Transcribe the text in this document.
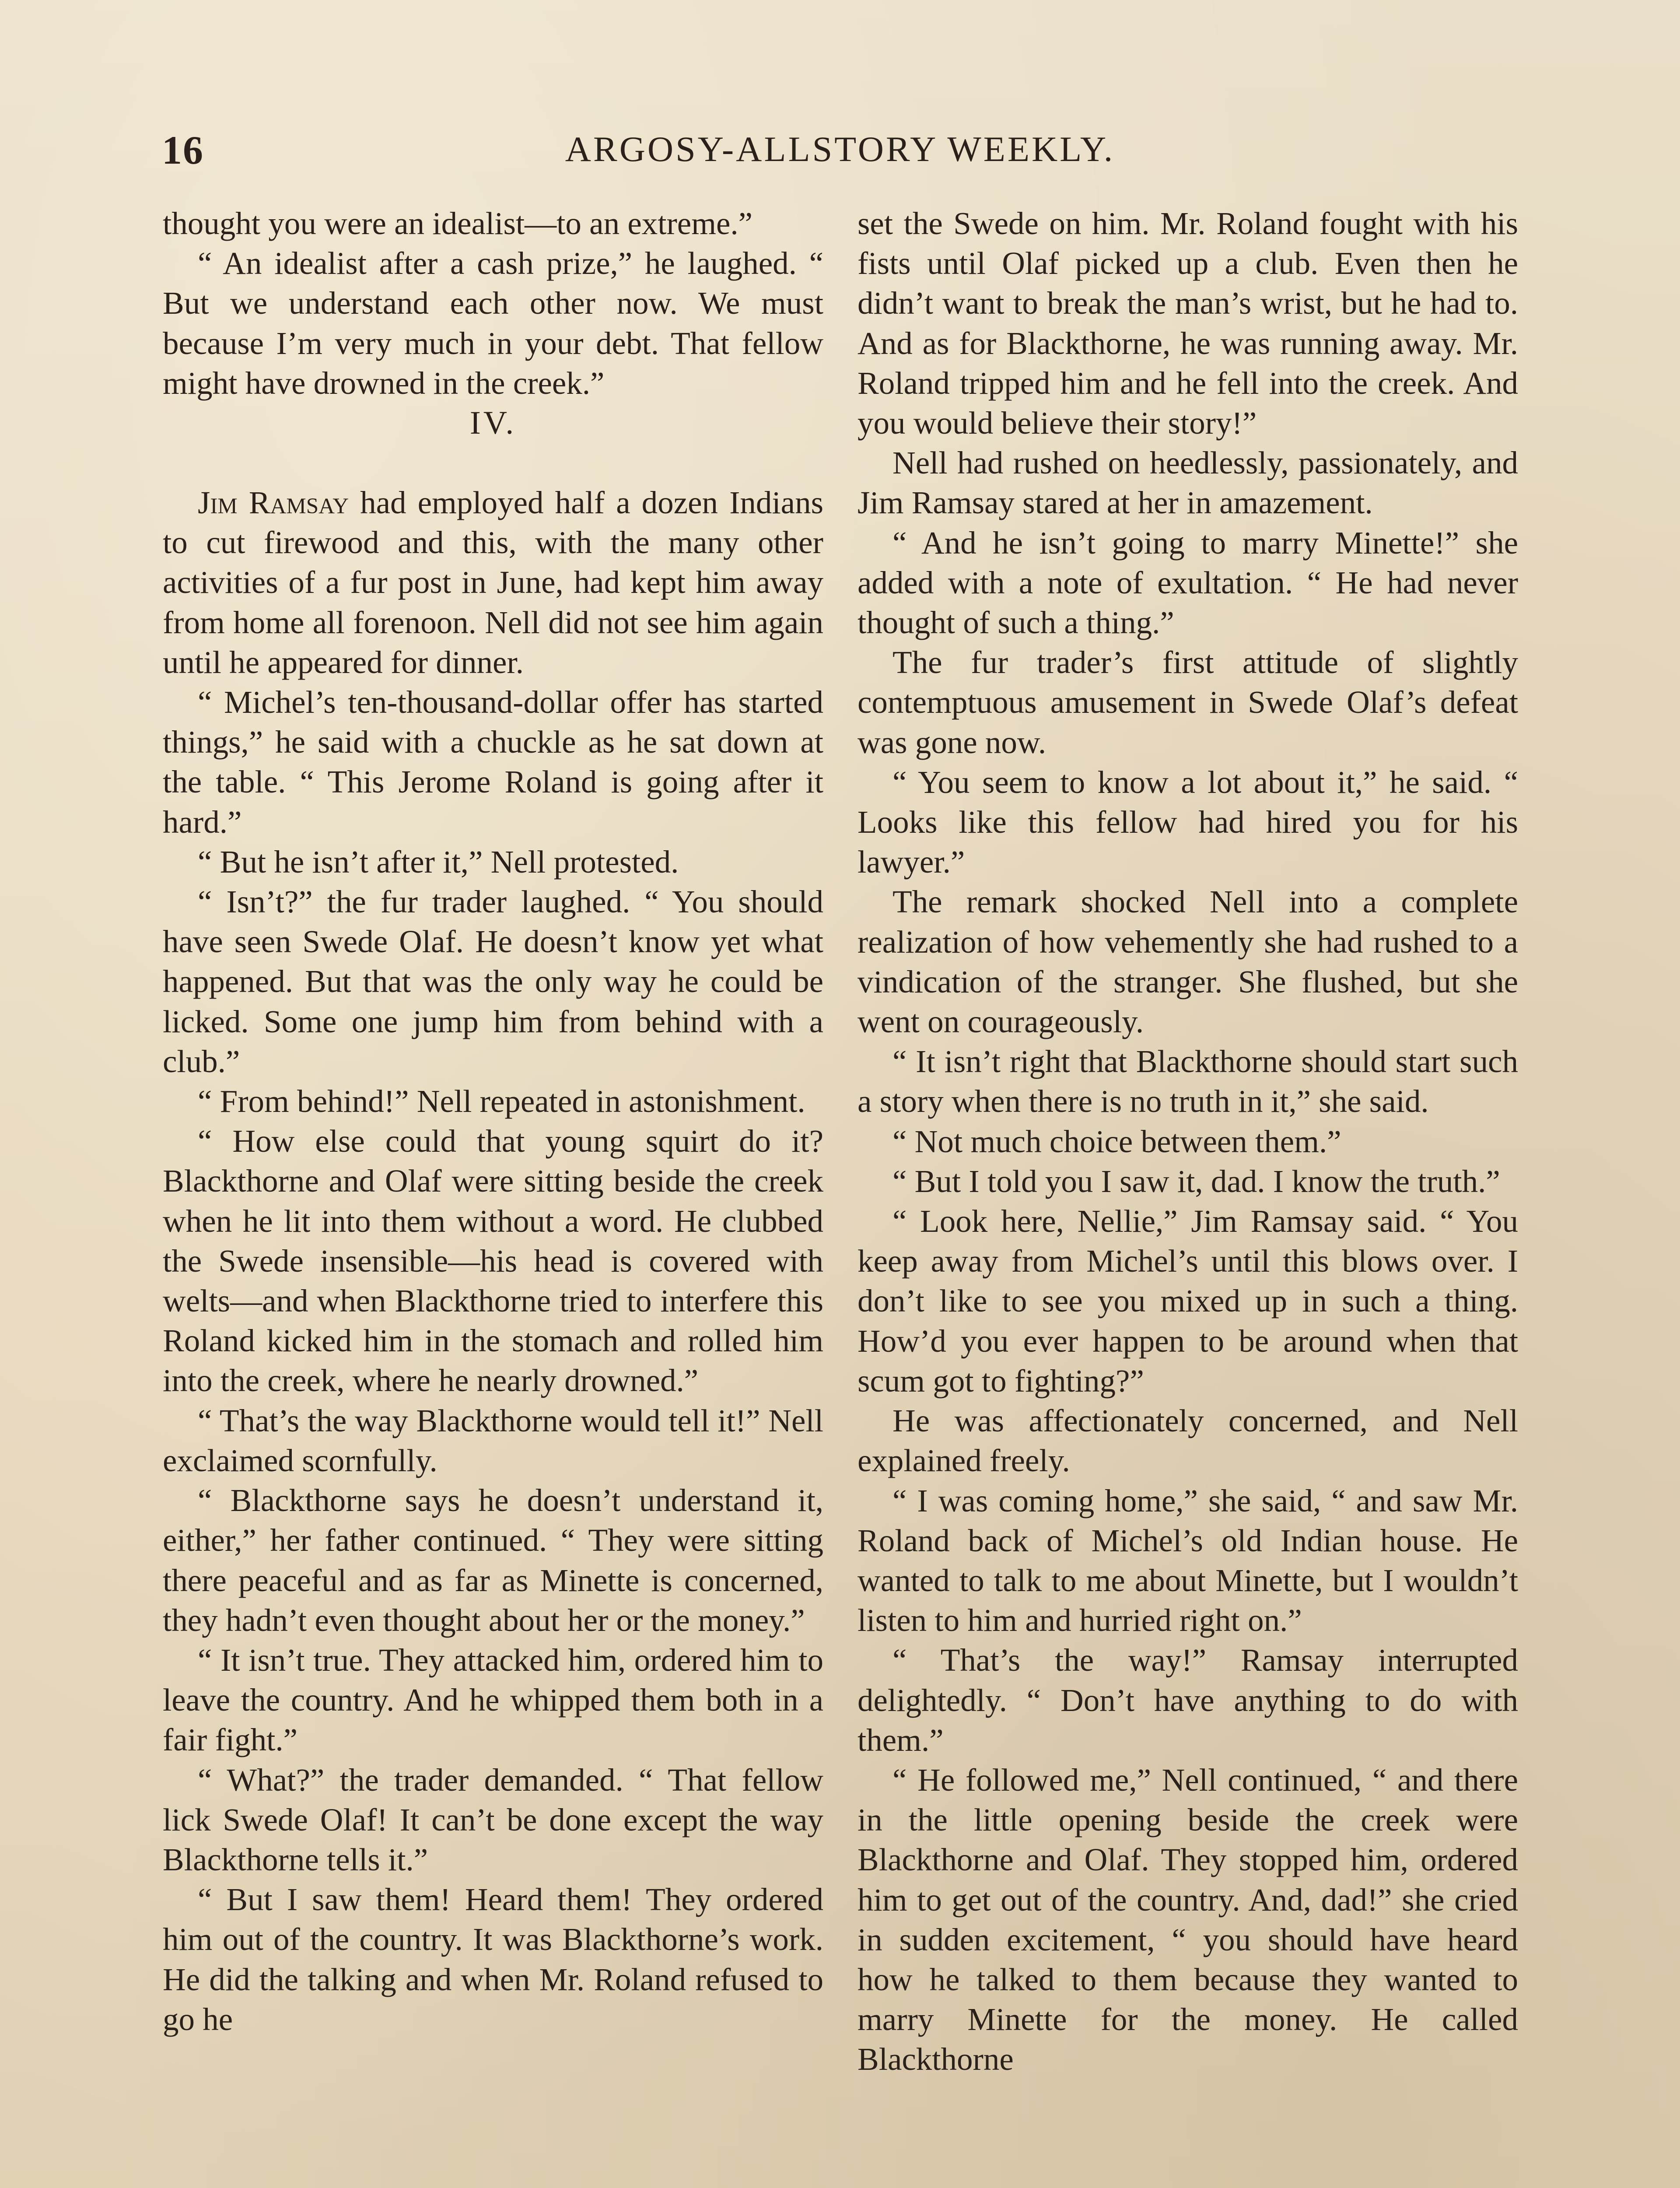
16	ARGOSY-ALLSTORY WEEKLY.

thought you were an idealist—to an extreme.”

“ An idealist after a cash prize,” he laughed. “ But we understand each other now. We must because I’m very much in your debt. That fellow might have drowned in the creek.”

IV.

Jim Ramsay had employed half a dozen Indians to cut firewood and this, with the many other activities of a fur post in June, had kept him away from home all forenoon. Nell did not see him again until he appeared for dinner.

“ Michel’s ten-thousand-dollar offer has started things,” he said with a chuckle as he sat down at the table. “ This Jerome Roland is going after it hard.”

“ But he isn’t after it,” Nell protested.

“ Isn’t?” the fur trader laughed. “ You should have seen Swede Olaf. He doesn’t know yet what happened. But that was the only way he could be licked. Some one jump him from behind with a club.”

“ From behind!” Nell repeated in astonishment.

“ How else could that young squirt do it? Blackthorne and Olaf were sitting beside the creek when he lit into them without a word. He clubbed the Swede insensible—his head is covered with welts—and when Blackthorne tried to interfere this Roland kicked him in the stomach and rolled him into the creek, where he nearly drowned.”

“ That’s the way Blackthorne would tell it!” Nell exclaimed scornfully.

“ Blackthorne says he doesn’t understand it, either,” her father continued. “ They were sitting there peaceful and as far as Minette is concerned, they hadn’t even thought about her or the money.”

“ It isn’t true. They attacked him, ordered him to leave the country. And he whipped them both in a fair fight.”

“ What?” the trader demanded. “ That fellow lick Swede Olaf! It can’t be done except the way Blackthorne tells it.”

“ But I saw them! Heard them! They ordered him out of the country. It was Blackthorne’s work. He did the talking and when Mr. Roland refused to go he

set the Swede on him. Mr. Roland fought with his fists until Olaf picked up a club. Even then he didn’t want to break the man’s wrist, but he had to. And as for Blackthorne, he was running away. Mr. Roland tripped him and he fell into the creek. And you would believe their story!”

Nell had rushed on heedlessly, passionately, and Jim Ramsay stared at her in amazement.

“ And he isn’t going to marry Minette!” she added with a note of exultation. “ He had never thought of such a thing.”

The fur trader’s first attitude of slightly contemptuous amusement in Swede Olaf’s defeat was gone now.

“ You seem to know a lot about it,” he said. “ Looks like this fellow had hired you for his lawyer.”

The remark shocked Nell into a complete realization of how vehemently she had rushed to a vindication of the stranger. She flushed, but she went on courageously.

“ It isn’t right that Blackthorne should start such a story when there is no truth in it,” she said.

“ Not much choice between them.”

“ But I told you I saw it, dad. I know the truth.”

“ Look here, Nellie,” Jim Ramsay said. “ You keep away from Michel’s until this blows over. I don’t like to see you mixed up in such a thing. How’d you ever happen to be around when that scum got to fighting?”

He was affectionately concerned, and Nell explained freely.

“ I was coming home,” she said, “ and saw Mr. Roland back of Michel’s old Indian house. He wanted to talk to me about Minette, but I wouldn’t listen to him and hurried right on.”

“ That’s the way!” Ramsay interrupted delightedly. “ Don’t have anything to do with them.”

“ He followed me,” Nell continued, “ and there in the little opening beside the creek were Blackthorne and Olaf. They stopped him, ordered him to get out of the country. And, dad!” she cried in sudden excitement, “ you should have heard how he talked to them because they wanted to marry Minette for the money. He called Blackthorne
